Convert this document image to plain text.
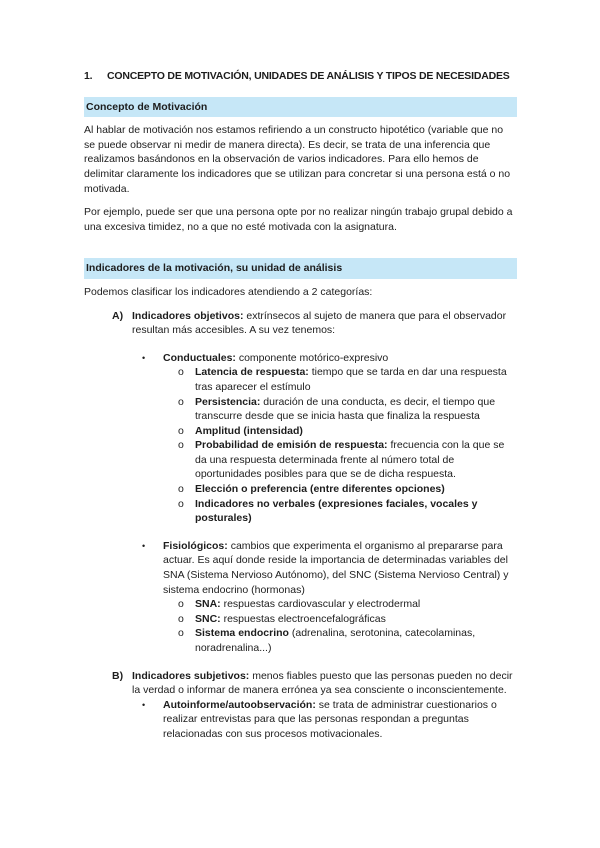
1.	CONCEPTO DE MOTIVACIÓN, UNIDADES DE ANÁLISIS Y TIPOS DE NECESIDADES
Concepto de Motivación

Al hablar de motivación nos estamos refiriendo a un constructo hipotético (variable que no se puede observar ni medir de manera directa). Es decir, se trata de una inferencia que realizamos basándonos en la observación de varios indicadores. Para ello hemos de delimitar claramente los indicadores que se utilizan para concretar si una persona está o no motivada.

Por ejemplo, puede ser que una persona opte por no realizar ningún trabajo grupal debido a una excesiva timidez, no a que no esté motivada con la asignatura.

Indicadores de la motivación, su unidad de análisis

Podemos clasificar los indicadores atendiendo a 2 categorías:

A) Indicadores objetivos: extrínsecos al sujeto de manera que para el observador resultan más accesibles. A su vez tenemos:
•	Conductuales: componente motórico-expresivo
o	Latencia de respuesta: tiempo que se tarda en dar una respuesta tras aparecer el estímulo
o	Persistencia: duración de una conducta, es decir, el tiempo que transcurre desde que se inicia hasta que finaliza la respuesta
o	Amplitud (intensidad)
o	Probabilidad de emisión de respuesta: frecuencia con la que se da una respuesta determinada frente al número total de oportunidades posibles para que se de dicha respuesta.
o	Elección o preferencia (entre diferentes opciones)
o	Indicadores no verbales (expresiones faciales, vocales y posturales)
•	Fisiológicos: cambios que experimenta el organismo al prepararse para actuar. Es aquí donde reside la importancia de determinadas variables del SNA (Sistema Nervioso Autónomo), del SNC (Sistema Nervioso Central) y sistema endocrino (hormonas)
o	SNA: respuestas cardiovascular y electrodermal
o	SNC: respuestas electroencefalográficas
o	Sistema endocrino (adrenalina, serotonina, catecolaminas, noradrenalina...)
B) Indicadores subjetivos: menos fiables puesto que las personas pueden no decir la verdad o informar de manera errónea ya sea consciente o inconscientemente.
•	Autoinforme/autoobservación: se trata de administrar cuestionarios o realizar entrevistas para que las personas respondan a preguntas relacionadas con sus procesos motivacionales.
